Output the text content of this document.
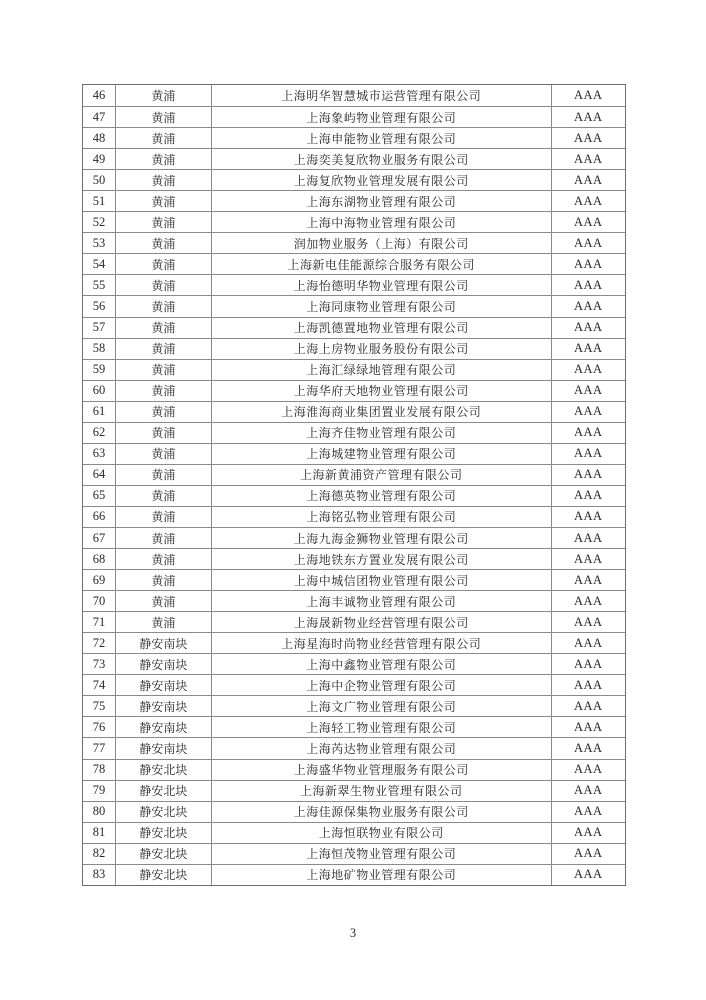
46	黄浦	上海明华智慧城市运营管理有限公司	AAA
47	黄浦	上海象屿物业管理有限公司	AAA
48	黄浦	上海申能物业管理有限公司	AAA
49	黄浦	上海奕美复欣物业服务有限公司	AAA
50	黄浦	上海复欣物业管理发展有限公司	AAA
51	黄浦	上海东湖物业管理有限公司	AAA
52	黄浦	上海中海物业管理有限公司	AAA
53	黄浦	润加物业服务（上海）有限公司	AAA
54	黄浦	上海新电佳能源综合服务有限公司	AAA
55	黄浦	上海怡德明华物业管理有限公司	AAA
56	黄浦	上海同康物业管理有限公司	AAA
57	黄浦	上海凯德置地物业管理有限公司	AAA
58	黄浦	上海上房物业服务股份有限公司	AAA
59	黄浦	上海汇绿绿地管理有限公司	AAA
60	黄浦	上海华府天地物业管理有限公司	AAA
61	黄浦	上海淮海商业集团置业发展有限公司	AAA
62	黄浦	上海齐佳物业管理有限公司	AAA
63	黄浦	上海城建物业管理有限公司	AAA
64	黄浦	上海新黄浦资产管理有限公司	AAA
65	黄浦	上海德英物业管理有限公司	AAA
66	黄浦	上海铭弘物业管理有限公司	AAA
67	黄浦	上海九海金狮物业管理有限公司	AAA
68	黄浦	上海地铁东方置业发展有限公司	AAA
69	黄浦	上海中城信团物业管理有限公司	AAA
70	黄浦	上海丰诚物业管理有限公司	AAA
71	黄浦	上海晟新物业经营管理有限公司	AAA
72	静安南块	上海星海时尚物业经营管理有限公司	AAA
73	静安南块	上海中鑫物业管理有限公司	AAA
74	静安南块	上海中企物业管理有限公司	AAA
75	静安南块	上海文广物业管理有限公司	AAA
76	静安南块	上海轻工物业管理有限公司	AAA
77	静安南块	上海芮达物业管理有限公司	AAA
78	静安北块	上海盛华物业管理服务有限公司	AAA
79	静安北块	上海新翠生物业管理有限公司	AAA
80	静安北块	上海佳源保集物业服务有限公司	AAA
81	静安北块	上海恒联物业有限公司	AAA
82	静安北块	上海恒茂物业管理有限公司	AAA
83	静安北块	上海地矿物业管理有限公司	AAA
3
